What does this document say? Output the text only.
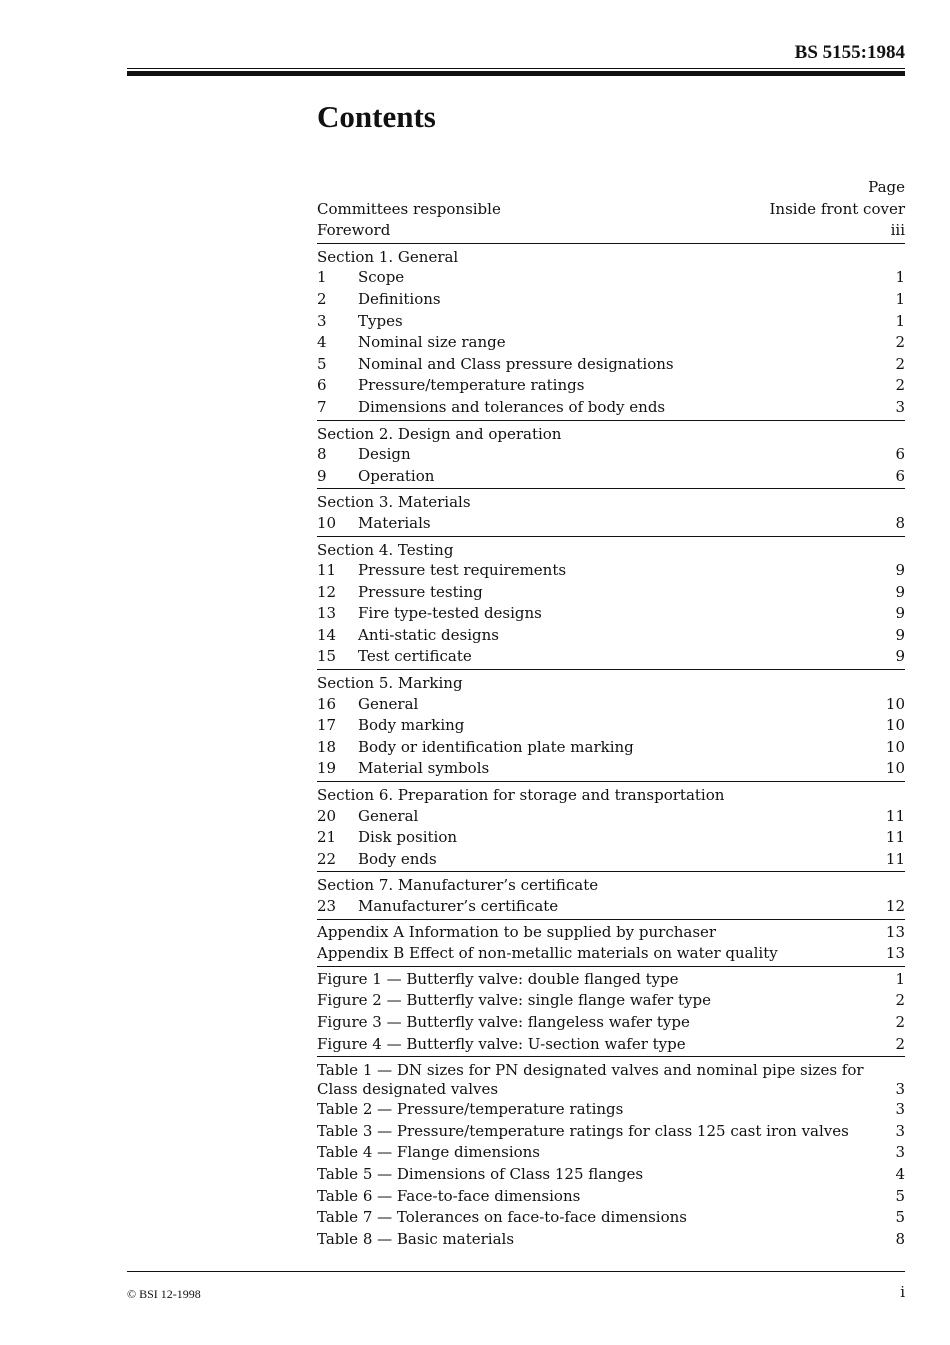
BS 5155:1984
Contents
Page
Committees responsible	Inside front cover
Foreword	iii
Section 1. General
1	Scope	1
2	Definitions	1
3	Types	1
4	Nominal size range	2
5	Nominal and Class pressure designations	2
6	Pressure/temperature ratings	2
7	Dimensions and tolerances of body ends	3
Section 2. Design and operation
8	Design	6
9	Operation	6
Section 3. Materials
10	Materials	8
Section 4. Testing
11	Pressure test requirements	9
12	Pressure testing	9
13	Fire type-tested designs	9
14	Anti-static designs	9
15	Test certificate	9
Section 5. Marking
16	General	10
17	Body marking	10
18	Body or identification plate marking	10
19	Material symbols	10
Section 6. Preparation for storage and transportation
20	General	11
21	Disk position	11
22	Body ends	11
Section 7. Manufacturer’s certificate
23	Manufacturer’s certificate	12
Appendix A Information to be supplied by purchaser	13
Appendix B Effect of non-metallic materials on water quality	13
Figure 1 — Butterfly valve: double flanged type	1
Figure 2 — Butterfly valve: single flange wafer type	2
Figure 3 — Butterfly valve: flangeless wafer type	2
Figure 4 — Butterfly valve: U-section wafer type	2
Table 1 — DN sizes for PN designated valves and nominal pipe sizes for Class designated valves	3
Table 2 — Pressure/temperature ratings	3
Table 3 — Pressure/temperature ratings for class 125 cast iron valves	3
Table 4 — Flange dimensions	3
Table 5 — Dimensions of Class 125 flanges	4
Table 6 — Face-to-face dimensions	5
Table 7 — Tolerances on face-to-face dimensions	5
Table 8 — Basic materials	8
© BSI 12-1998	i
